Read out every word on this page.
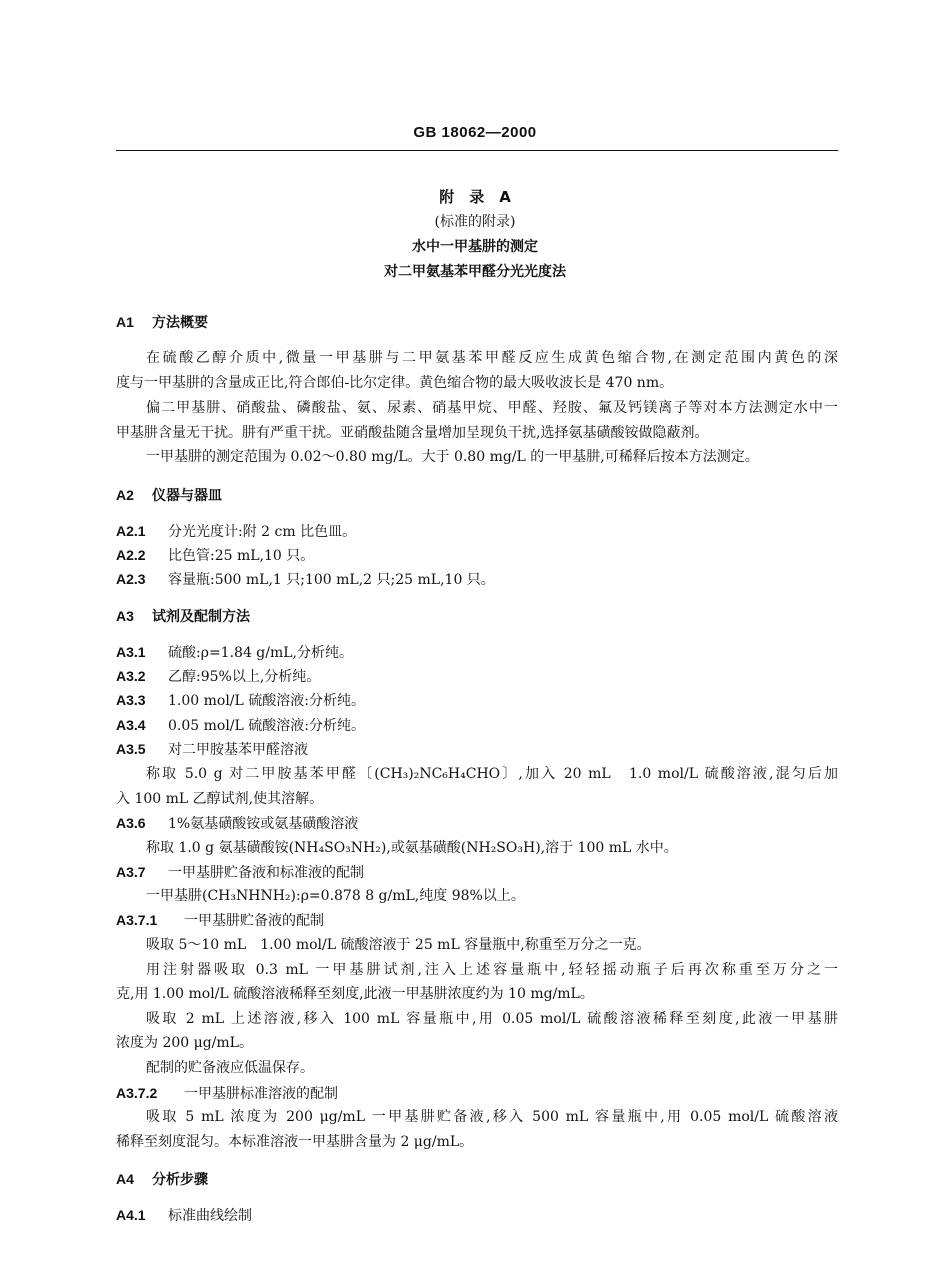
GB 18062—2000
附　录　A
(标准的附录)
水中一甲基肼的测定
对二甲氨基苯甲醛分光光度法
A1 方法概要
在硫酸乙醇介质中,微量一甲基肼与二甲氨基苯甲醛反应生成黄色缩合物,在测定范围内黄色的深
度与一甲基肼的含量成正比,符合郎伯-比尔定律。黄色缩合物的最大吸收波长是 470 nm。
偏二甲基肼、硝酸盐、磷酸盐、氨、尿素、硝基甲烷、甲醛、羟胺、氟及钙镁离子等对本方法测定水中一
甲基肼含量无干扰。肼有严重干扰。亚硝酸盐随含量增加呈现负干扰,选择氨基磺酸铵做隐蔽剂。
一甲基肼的测定范围为 0.02～0.80 mg/L。大于 0.80 mg/L 的一甲基肼,可稀释后按本方法测定。
A2 仪器与器皿
A2.1 分光光度计:附 2 cm 比色皿。
A2.2 比色管:25 mL,10 只。
A2.3 容量瓶:500 mL,1 只;100 mL,2 只;25 mL,10 只。
A3 试剂及配制方法
A3.1 硫酸:ρ=1.84 g/mL,分析纯。
A3.2 乙醇:95%以上,分析纯。
A3.3 1.00 mol/L 硫酸溶液:分析纯。
A3.4 0.05 mol/L 硫酸溶液:分析纯。
A3.5 对二甲胺基苯甲醛溶液
称取 5.0 g 对二甲胺基苯甲醛〔(CH₃)₂NC₆H₄CHO〕,加入 20 mL　1.0 mol/L 硫酸溶液,混匀后加
入 100 mL 乙醇试剂,使其溶解。
A3.6 1%氨基磺酸铵或氨基磺酸溶液
称取 1.0 g 氨基磺酸铵(NH₄SO₃NH₂),或氨基磺酸(NH₂SO₃H),溶于 100 mL 水中。
A3.7 一甲基肼贮备液和标准液的配制
一甲基肼(CH₃NHNH₂):ρ=0.878 8 g/mL,纯度 98%以上。
A3.7.1 一甲基肼贮备液的配制
吸取 5～10 mL　1.00 mol/L 硫酸溶液于 25 mL 容量瓶中,称重至万分之一克。
用注射器吸取 0.3 mL 一甲基肼试剂,注入上述容量瓶中,轻轻摇动瓶子后再次称重至万分之一
克,用 1.00 mol/L 硫酸溶液稀释至刻度,此液一甲基肼浓度约为 10 mg/mL。
吸取 2 mL 上述溶液,移入 100 mL 容量瓶中,用 0.05 mol/L 硫酸溶液稀释至刻度,此液一甲基肼
浓度为 200 μg/mL。
配制的贮备液应低温保存。
A3.7.2 一甲基肼标准溶液的配制
吸取 5 mL 浓度为 200 μg/mL 一甲基肼贮备液,移入 500 mL 容量瓶中,用 0.05 mol/L 硫酸溶液
稀释至刻度混匀。本标准溶液一甲基肼含量为 2 μg/mL。
A4 分析步骤
A4.1 标准曲线绘制
